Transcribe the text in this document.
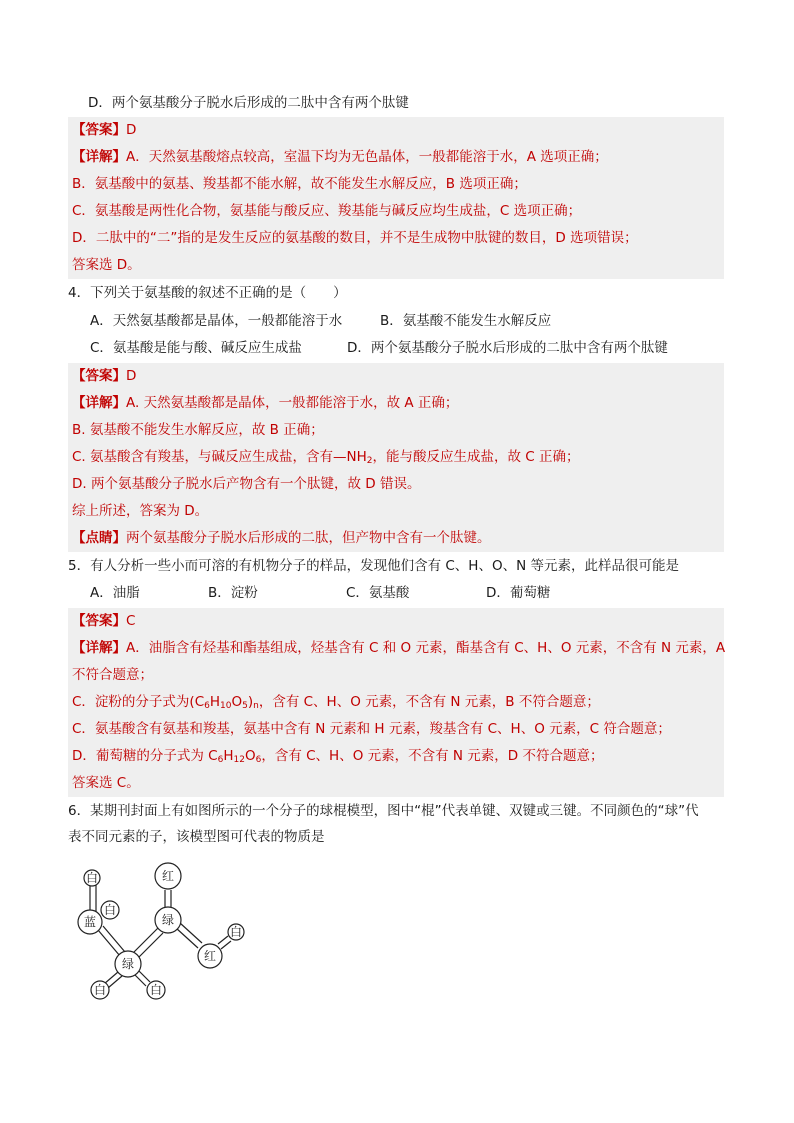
D．两个氨基酸分子脱水后形成的二肽中含有两个肽键
【答案】D
【详解】A．天然氨基酸熔点较高，室温下均为无色晶体，一般都能溶于水，A 选项正确；
B．氨基酸中的氨基、羧基都不能水解，故不能发生水解反应，B 选项正确；
C．氨基酸是两性化合物，氨基能与酸反应、羧基能与碱反应均生成盐，C 选项正确；
D．二肽中的“二”指的是发生反应的氨基酸的数目，并不是生成物中肽键的数目，D 选项错误；
答案选 D。
4．下列关于氨基酸的叙述不正确的是（　　）
A．天然氨基酸都是晶体，一般都能溶于水	B．氨基酸不能发生水解反应
C．氨基酸是能与酸、碱反应生成盐	D．两个氨基酸分子脱水后形成的二肽中含有两个肽键
【答案】D
【详解】A. 天然氨基酸都是晶体，一般都能溶于水，故 A 正确；
B. 氨基酸不能发生水解反应，故 B 正确；
C. 氨基酸含有羧基，与碱反应生成盐，含有$—NH_2$，能与酸反应生成盐，故 C 正确；
D. 两个氨基酸分子脱水后产物含有一个肽键，故 D 错误。
综上所述，答案为 D。
【点睛】两个氨基酸分子脱水后形成的二肽，但产物中含有一个肽键。
5．有人分析一些小而可溶的有机物分子的样品，发现他们含有 C、H、O、N 等元素，此样品很可能是
A．油脂	B．淀粉	C．氨基酸	D．葡萄糖
【答案】C
【详解】A．油脂含有烃基和酯基组成，烃基含有 C 和 O 元素，酯基含有 C、H、O 元素，不含有 N 元素，A
不符合题意；
C．淀粉的分子式为$(C_6H_{10}O_5)_n$，含有 C、H、O 元素，不含有 N 元素，B 不符合题意；
C．氨基酸含有氨基和羧基，氨基中含有 N 元素和 H 元素，羧基含有 C、H、O 元素，C 符合题意；
D．葡萄糖的分子式为 $C_6H_{12}O_6$，含有 C、H、O 元素，不含有 N 元素，D 不符合题意；
答案选 C。
6．某期刊封面上有如图所示的一个分子的球棍模型，图中“棍”代表单键、双键或三键。不同颜色的“球”代
表不同元素的子，该模型图可代表的物质是
白
蓝
白
红
绿
绿
红
白
白	白
